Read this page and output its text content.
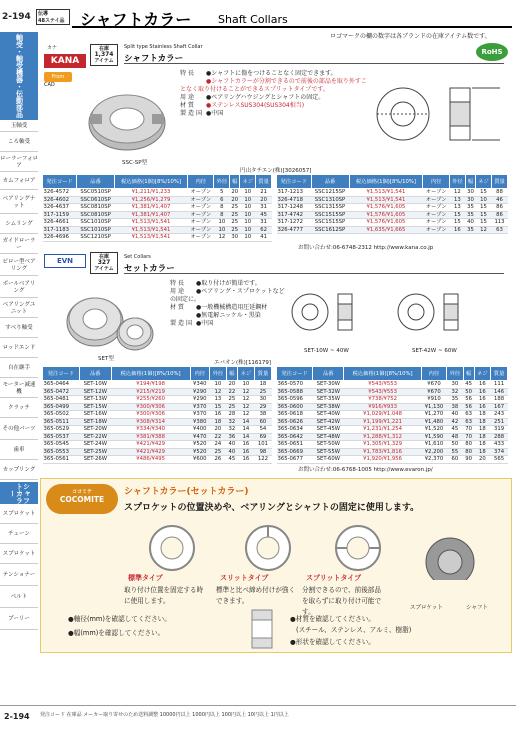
2-194 伝導
48ステイ品 シャフトカラー Shaft Collars
ロゴマークの欄の数字は各ブランドの在庫アイテム数です。
RoHS
軸受・軸受機器・伝動部品
玉軸受
ころ軸受
ローラーフォロア
カムフォロア
ベアリングナット
シムリング
ガイドローラー
ピロー型ベアリング
ボールベアリング
ベアリングユニット
すべり軸受
ロッドエンド
自在継手
モーター減速機
クラッチ
その他パーツ
歯車
カップリング
シャフトカラー
スプロケット
チェーン
スプロケット
テンショナー
ベルト
プーリー
KANA
カナ	在庫
1,374
アイテム
Split type Stainless Shaft Collar
シャフトカラー
From
CAD
SSC-SP型
特長 ●シャフトに傷をつけることなく固定できます。
●シャフトカラーが分割できるので前後の部品を取り外すことなく取り付けることができるスプリットタイプです。
用途 ●ベアリングハウジングとシャフトの固定。
材質 ●ステンレスSUS304(SUS304相当)
製造国 ●中国
円山タチエン(株)[3026057]
発注コード	品番	税込価格(1個)[8%/10%]	内径	外径	幅	ネジ	質量
326-4572	SSC0510SP	¥1,211/¥1,233	オープン	5	20	10	21
326-4602	SSC0610SP	¥1,256/¥1,279	オープン	6	20	10	20
326-4637	SSC0810SP	¥1,381/¥1,407	オープン	8	25	10	31
317-1159	SSC0810SP	¥1,381/¥1,407	オープン	8	25	10	45
326-4661	SSC1010SP	¥1,513/¥1,541	オープン	10	25	10	31
317-1183	SSC1010SP	¥1,513/¥1,541	オープン	10	25	10	62
326-4696	SSC1210SP	¥1,513/¥1,541	オープン	12	30	10	41
発注コード	品番	税込価格(1個)[8%/10%]	内径	外径	幅	ネジ	質量
317-1213	SSC1215SP	¥1,513/¥1,541	オープン	12	30	15	88
326-4718	SSC1310SP	¥1,513/¥1,541	オープン	13	30	10	46
317-1248	SSC1315SP	¥1,576/¥1,605	オープン	13	35	15	86
317-4742	SSC1515SP	¥1,576/¥1,605	オープン	15	35	15	86
317-1272	SSC1515SP	¥1,576/¥1,605	オープン	15	40	15	113
326-4777	SSC1612SP	¥1,635/¥1,665	オープン	16	35	12	63
お問い合わせ:06-6748-2312 http://www.kana.co.jp
EVN	在庫
327
アイテム
Set Collars
セットカラー
SET型
特長 ●取り付けが簡単です。
用途 ●ベアリング・スプロケットなどの固定に。
材質 ●一般機械構造用圧延鋼材
●無電解ニッケル・黒染
製造国 ●中国
SET-10W ~ 40W	SET-42W ~ 60W
エバオン(株)[116179]
発注コード	品番	税込価格(1個)[8%/10%]	内径	外径	幅	ネジ	質量
365-0464	SET-10W	¥194/¥198	¥340	10	20	10	18
365-0472	SET-12W	¥215/¥219	¥290	12	22	12	25
365-0481	SET-13W	¥255/¥260	¥290	13	25	12	30
365-0499	SET-15W	¥300/¥306	¥370	15	25	12	29
365-0502	SET-16W	¥300/¥306	¥370	16	28	12	38
365-0511	SET-18W	¥308/¥314	¥380	18	32	14	60
365-0529	SET-20W	¥334/¥340	¥400	20	32	14	54
365-0537	SET-22W	¥381/¥388	¥470	22	36	14	69
365-0545	SET-24W	¥421/¥429	¥520	24	40	16	101
365-0553	SET-25W	¥421/¥429	¥520	25	40	16	98
365-0561	SET-26W	¥486/¥495	¥600	26	45	16	122
発注コード	品番	税込価格(1個)[8%/10%]	内径	外径	幅	ネジ	質量
365-0570	SET-30W	¥543/¥553	¥670	30	45	16	111
365-0588	SET-32W	¥543/¥553	¥670	32	50	16	146
365-0596	SET-35W	¥738/¥752	¥910	35	56	16	188
365-0600	SET-38W	¥916/¥933	¥1,130	38	56	16	167
365-0618	SET-40W	¥1,029/¥1,048	¥1,270	40	63	18	243
365-0626	SET-42W	¥1,199/¥1,221	¥1,480	42	63	18	251
365-0634	SET-45W	¥1,231/¥1,254	¥1,520	45	70	18	319
365-0642	SET-48W	¥1,288/¥1,312	¥1,590	48	70	18	288
365-0651	SET-50W	¥1,305/¥1,329	¥1,610	50	80	18	433
365-0669	SET-55W	¥1,783/¥1,816	¥2,200	55	80	18	374
365-0677	SET-60W	¥1,920/¥1,956	¥2,370	60	90	20	565
お問い合わせ:06-6768-1005 http://www.evaron.jp/
ココミテ
COCOMITE
シャフトカラー(セットカラー)
スプロケットの位置決めや、ベアリングとシャフトの固定に使用します。
標準タイプ
取り付け位置を固定する時に使用します。
スリットタイプ
標準と比べ締め付けが強くできます。
スプリットタイプ
分割できるので、前後部品を取らずに取り付け可能です。	スプロケット	シャフト
●軸径(mm)を確認してください。
●幅(mm)を確認してください。
●材質を確認してください。
(スチール、ステンレス、アルミ、樹脂)
●形状を確認してください。
2-194 発注コード 在庫品 メーカー取り寄せのため送料調整 10000円以上 1000円以上 100円以上 10円以上 1円以上
